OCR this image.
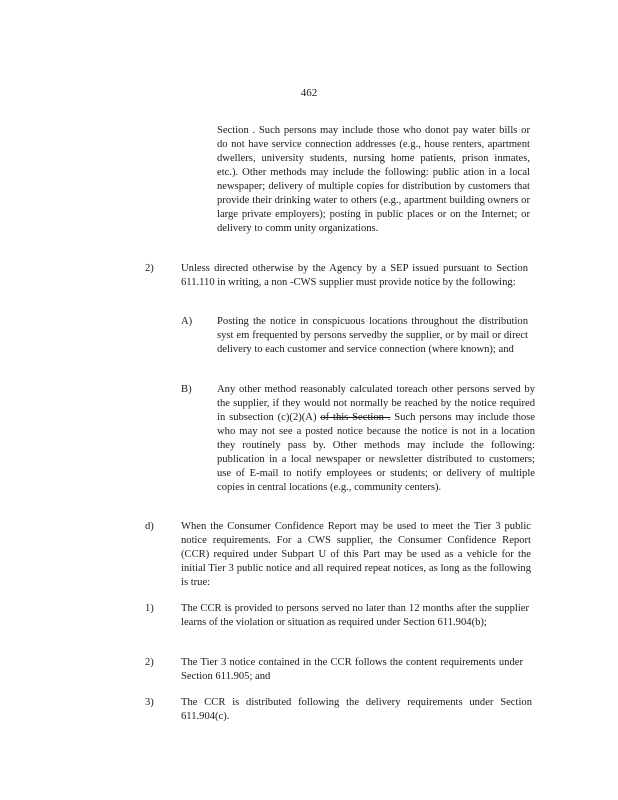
462

Section . Such persons may include those who donot pay water bills or do not have service connection addresses (e.g., house renters, apartment dwellers, university students, nursing home patients, prison inmates, etc.). Other methods may include the following: public ation in a local newspaper; delivery of multiple copies for distribution by customers that provide their drinking water to others (e.g., apartment building owners or large private employers); posting in public places or on the Internet; or delivery to comm unity organizations.

2)	Unless directed otherwise by the Agency by a SEP issued pursuant to Section 611.110 in writing, a non -CWS supplier must provide notice by the following:

A) Posting the notice in conspicuous locations throughout the distribution syst em frequented by persons servedby the supplier, or by mail or direct delivery to each customer and service connection (where known); and

B) Any other method reasonably calculated toreach other persons served by the supplier, if they would not normally be reached by the notice required in subsection (c)(2)(A) of this Section . Such persons may include those who may not see a posted notice because the notice is not in a location they routinely pass by. Other methods may include the following: publication in a local newspaper or newsletter distributed to customers; use of E-mail to notify employees or students; or delivery of multiple copies in central locations (e.g., community centers).

d)	When the Consumer Confidence Report may be used to meet the Tier 3 public notice requirements. For a CWS supplier, the Consumer Confidence Report (CCR) required under Subpart U of this Part may be used as a vehicle for the initial Tier 3 public notice and all required repeat notices, as long as the following is true:

1)	The CCR is provided to persons served no later than 12 months after the supplier learns of the violation or situation as required under Section 611.904(b);

2)	The Tier 3 notice contained in the CCR follows the content requirements under Section 611.905; and

3)	The CCR is distributed following the delivery requirements under Section 611.904(c).
